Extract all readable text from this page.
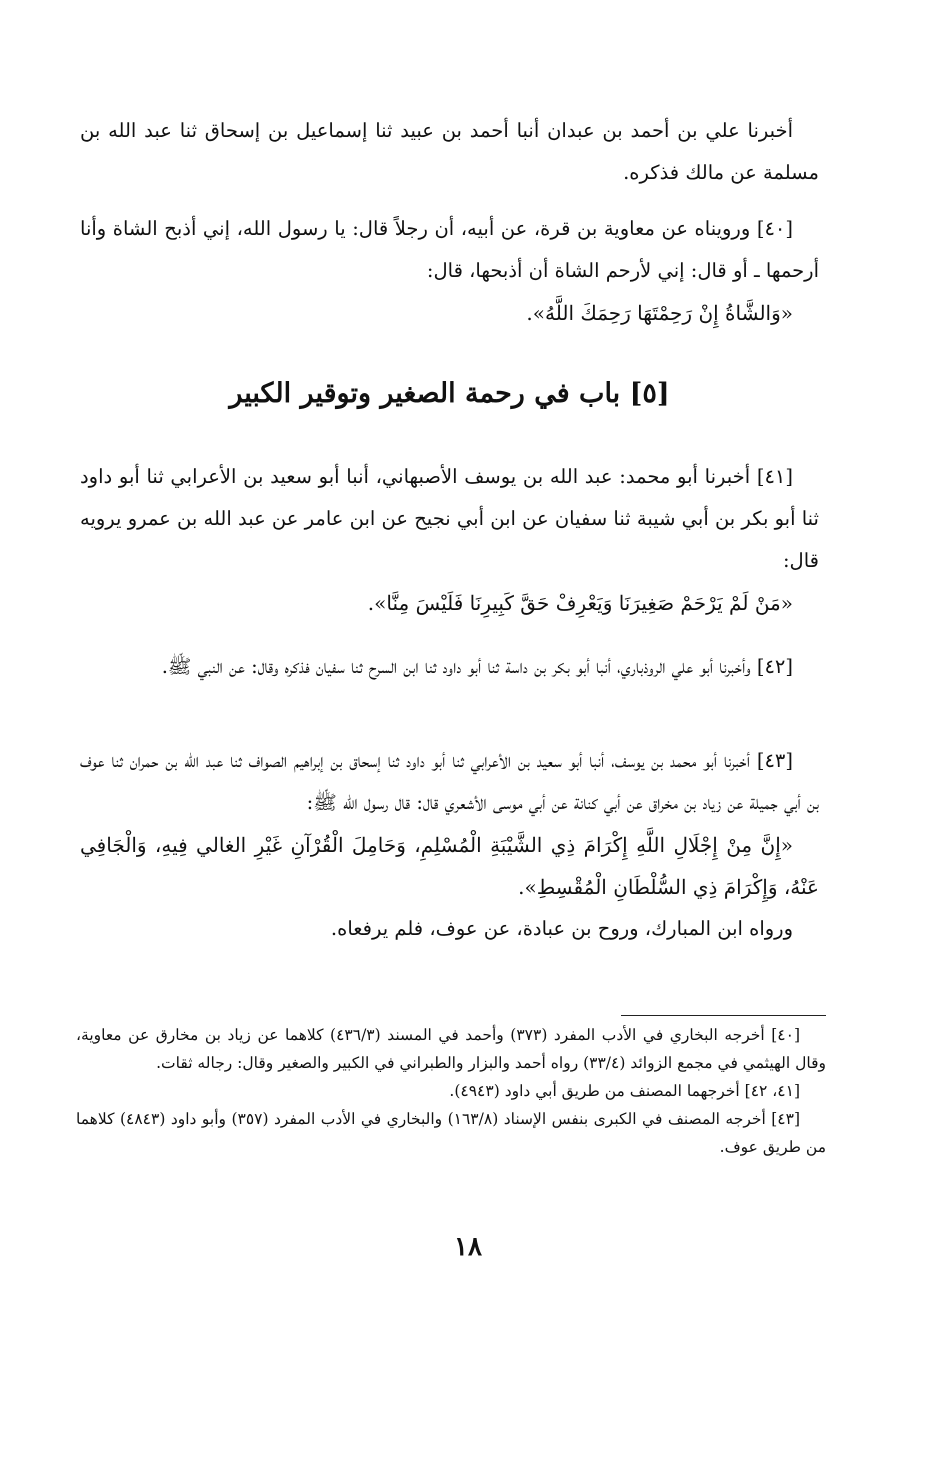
أخبرنا علي بن أحمد بن عبدان أنبا أحمد بن عبيد ثنا إسماعيل بن إسحاق ثنا عبد الله بن مسلمة عن مالك فذكره.

[٤٠] ورويناه عن معاوية بن قرة، عن أبيه، أن رجلاً قال: يا رسول الله، إني أذبح الشاة وأنا أرحمها ـ أو قال: إني لأرحم الشاة أن أذبحها، قال:

«وَالشَّاةُ إِنْ رَحِمْتَهَا رَحِمَكَ اللَّهُ».

[٤١] أخبرنا أبو محمد: عبد الله بن يوسف الأصبهاني، أنبا أبو سعيد بن الأعرابي ثنا أبو داود ثنا أبو بكر بن أبي شيبة ثنا سفيان عن ابن أبي نجيح عن ابن عامر عن عبد الله بن عمرو يرويه قال:

«مَنْ لَمْ يَرْحَمْ صَغِيرَنَا وَيَعْرِفْ حَقَّ كَبِيرِنَا فَلَيْسَ مِنَّا».

[٤٢] وأخبرنا أبو علي الروذباري، أنبا أبو بكر بن داسة ثنا أبو داود ثنا ابن السرح ثنا سفيان فذكره وقال: عن النبي ﷺ.

[٤٣] أخبرنا أبو محمد بن يوسف، أنبا أبو سعيد بن الأعرابي ثنا أبو داود ثنا إسحاق بن إبراهيم الصواف ثنا عبد الله بن حمران ثنا عوف بن أبي جميلة عن زياد بن مخراق عن أبي كنانة عن أبي موسى الأشعري قال: قال رسول الله ﷺ:

«إِنَّ مِنْ إِجْلَالِ اللَّهِ إِكْرَامَ ذِي الشَّيْبَةِ الْمُسْلِمِ، وَحَامِلَ الْقُرْآنِ غَيْرِ الغالي فِيهِ، وَالْجَافِي عَنْهُ، وَإِكْرَامَ ذِي السُّلْطَانِ الْمُقْسِطِ».

ورواه ابن المبارك، وروح بن عبادة، عن عوف، فلم يرفعاه.

[٥] باب في رحمة الصغير وتوقير الكبير

[٤٠] أخرجه البخاري في الأدب المفرد (٣٧٣) وأحمد في المسند (٤٣٦/٣) كلاهما عن زياد بن مخارق عن معاوية، وقال الهيثمي في مجمع الزوائد (٣٣/٤) رواه أحمد والبزار والطبراني في الكبير والصغير وقال: رجاله ثقات.

[٤١، ٤٢] أخرجهما المصنف من طريق أبي داود (٤٩٤٣).

[٤٣] أخرجه المصنف في الكبرى بنفس الإسناد (١٦٣/٨) والبخاري في الأدب المفرد (٣٥٧) وأبو داود (٤٨٤٣) كلاهما من طريق عوف.

١٨
